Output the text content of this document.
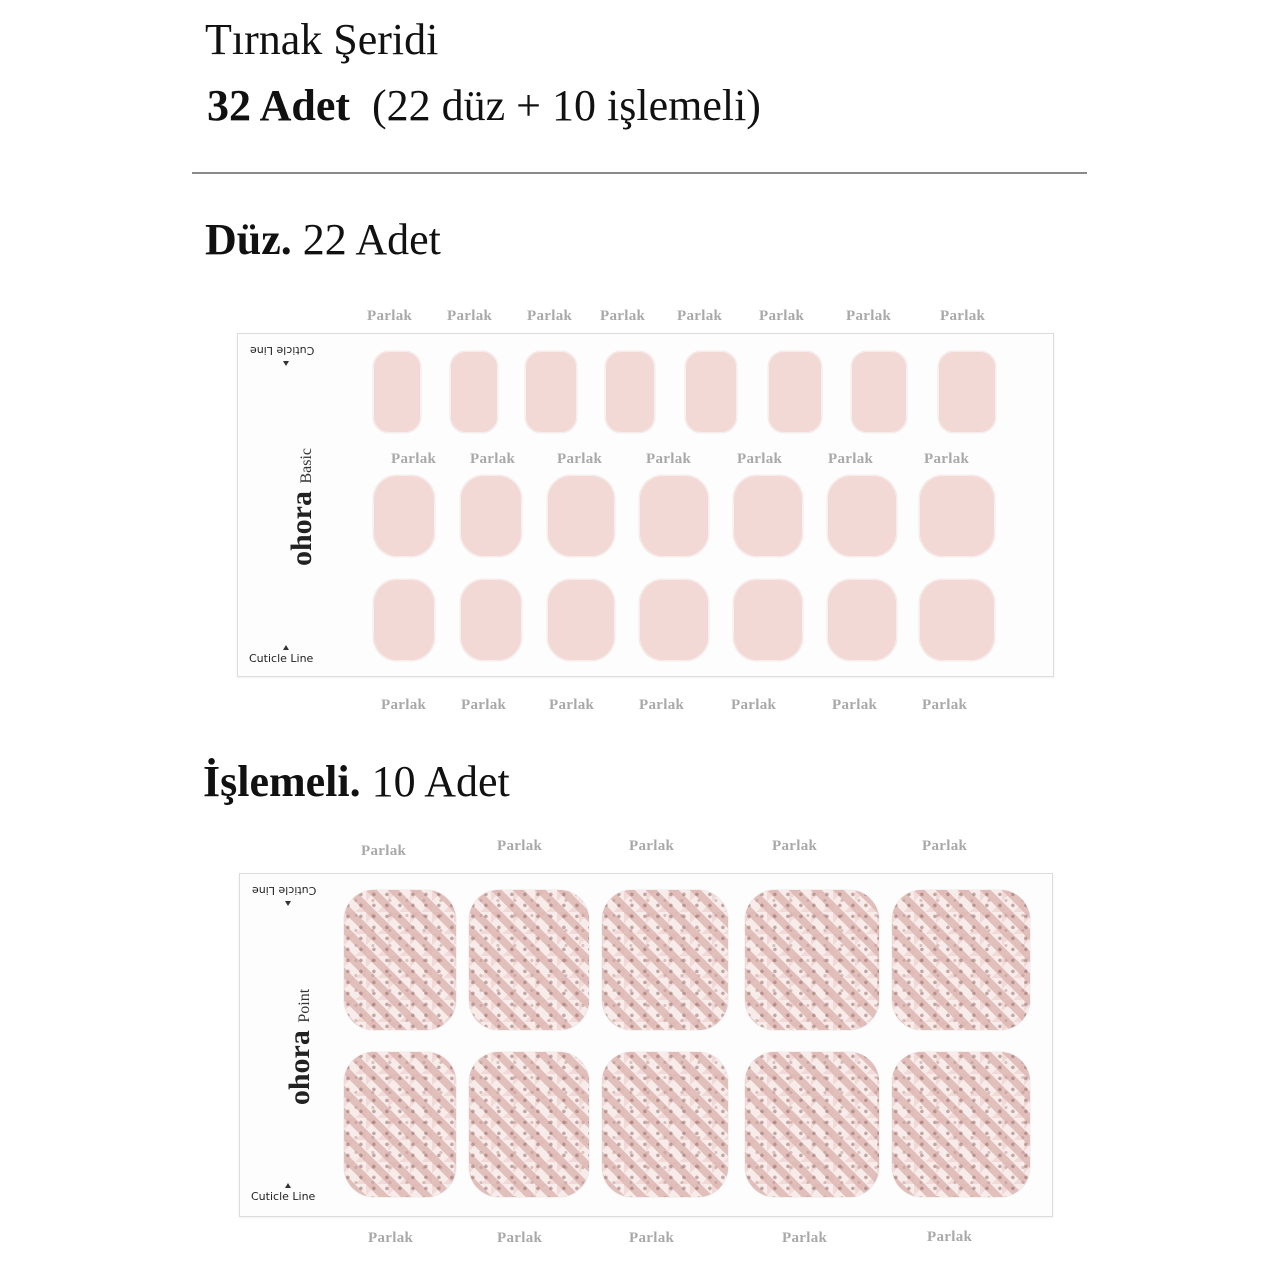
Tırnak Şeridi
32 Adet  (22 düz + 10 işlemeli)
Düz. 22 Adet
Cuticle Line
Cuticle Line
ohora Basic
Parlak Parlak Parlak Parlak Parlak Parlak	Parlak	Parlak
Parlak Parlak	Parlak	Parlak	Parlak	Parlak	Parlak
Parlak Parlak	Parlak	Parlak	Parlak	Parlak	Parlak
İşlemeli. 10 Adet
Cuticle Line
Cuticle Line
ohora Point
Parlak	Parlak	Parlak	Parlak	Parlak
Parlak	Parlak	Parlak	Parlak	Parlak
